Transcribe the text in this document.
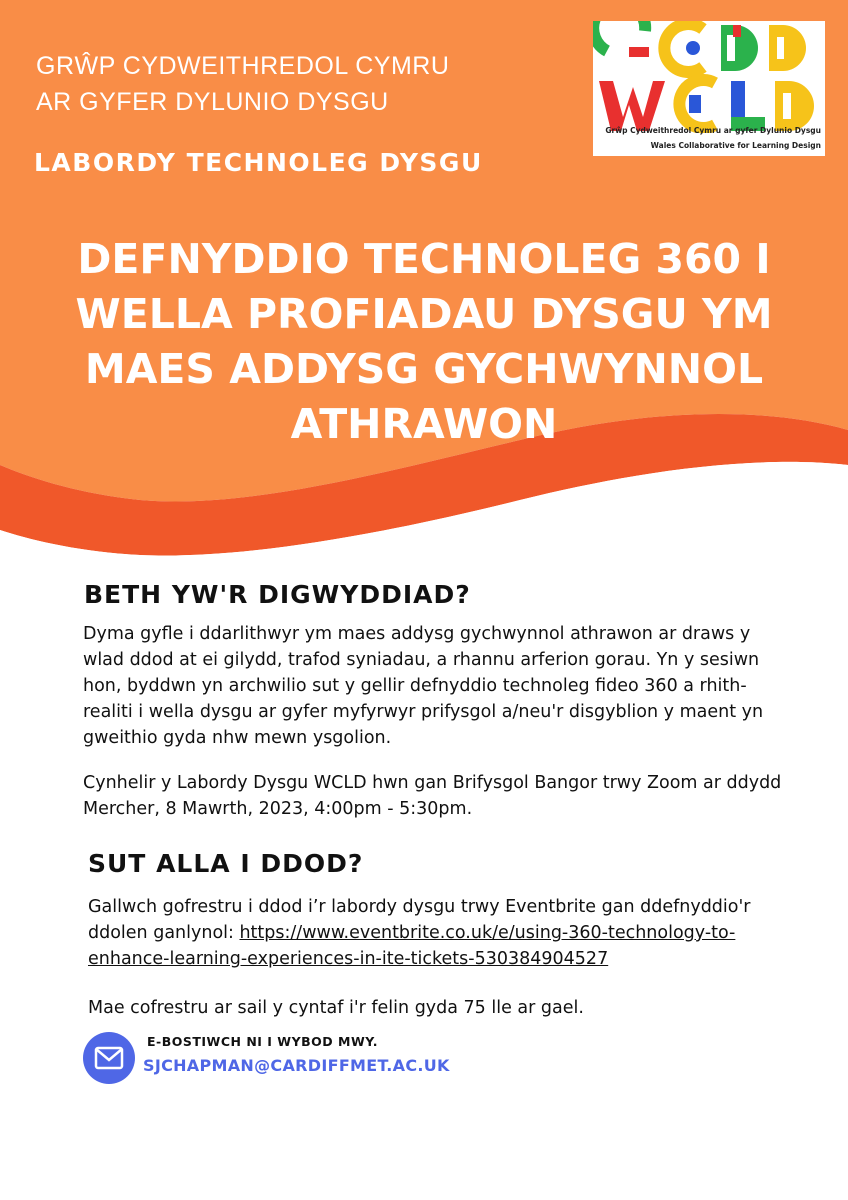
GRŴP CYDWEITHREDOL CYMRU
AR GYFER DYLUNIO DYSGU

LABORDY TECHNOLEG DYSGU

Grŵp Cydweithredol Cymru ar gyfer Dylunio Dysgu
Wales Collaborative for Learning Design
DEFNYDDIO TECHNOLEG 360 I
WELLA PROFIADAU DYSGU YM
MAES ADDYSG GYCHWYNNOL
ATHRAWON
BETH YW'R DIGWYDDIAD?

Dyma gyfle i ddarlithwyr ym maes addysg gychwynnol athrawon ar draws y
wlad ddod at ei gilydd, trafod syniadau, a rhannu arferion gorau. Yn y sesiwn
hon, byddwn yn archwilio sut y gellir defnyddio technoleg fideo 360 a rhith-
realiti i wella dysgu ar gyfer myfyrwyr prifysgol a/neu'r disgyblion y maent yn
gweithio gyda nhw mewn ysgolion.

Cynhelir y Labordy Dysgu WCLD hwn gan Brifysgol Bangor trwy Zoom ar ddydd
Mercher, 8 Mawrth, 2023, 4:00pm - 5:30pm.

SUT ALLA I DDOD?

Gallwch gofrestru i ddod i’r labordy dysgu trwy Eventbrite gan ddefnyddio'r
ddolen ganlynol: https://www.eventbrite.co.uk/e/using-360-technology-to-
enhance-learning-experiences-in-ite-tickets-530384904527

Mae cofrestru ar sail y cyntaf i'r felin gyda 75 lle ar gael.

E-BOSTIWCH NI I WYBOD MWY.
SJCHAPMAN@CARDIFFMET.AC.UK
